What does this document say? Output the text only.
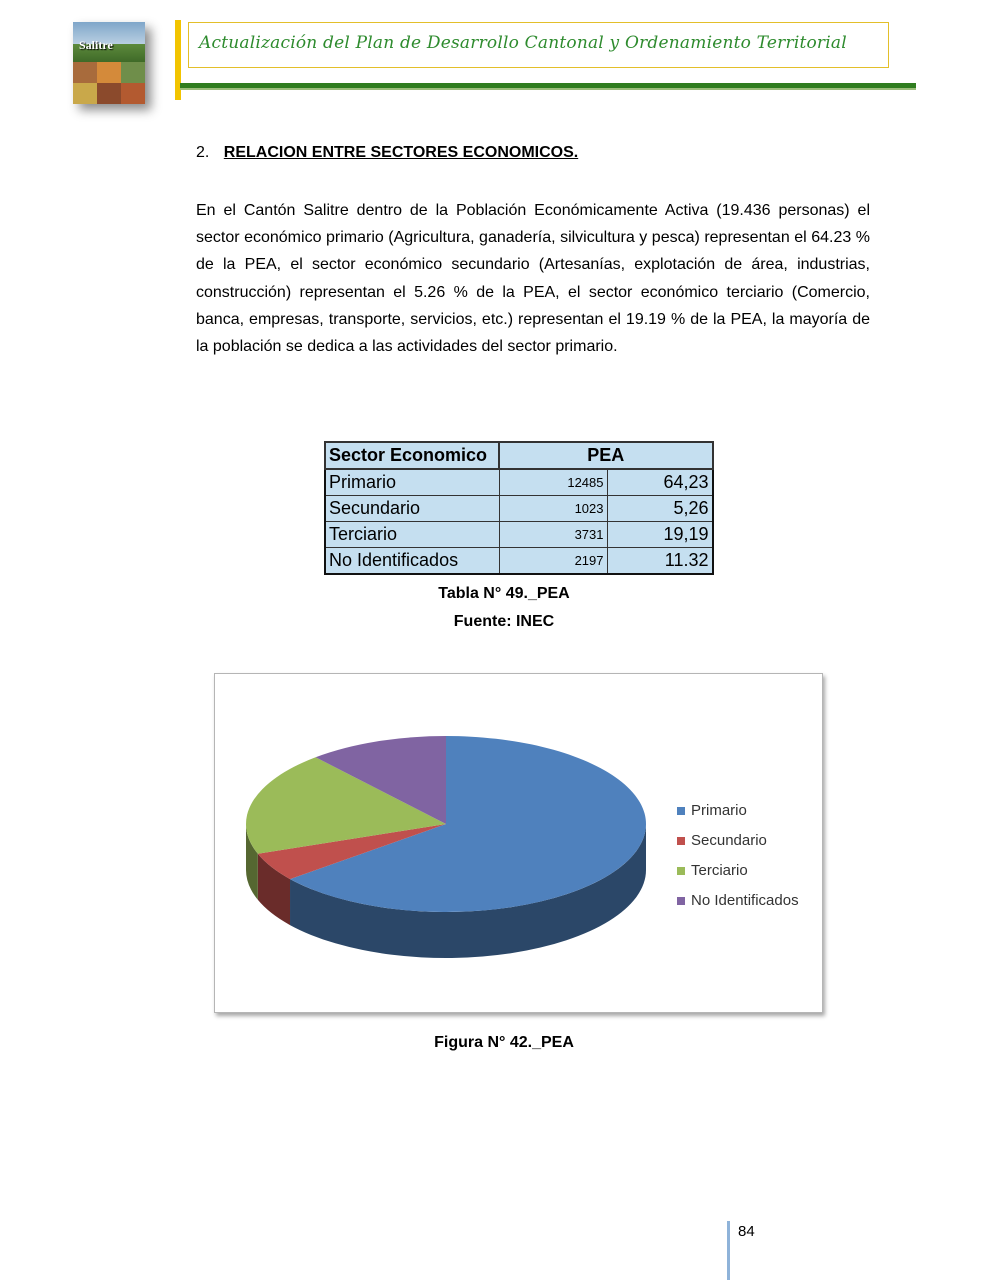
Salitre	Actualización del Plan de Desarrollo Cantonal y Ordenamiento Territorial
2. RELACION ENTRE SECTORES ECONOMICOS.
En el Cantón Salitre dentro de la Población Económicamente Activa (19.436 personas) el sector económico primario (Agricultura, ganadería, silvicultura y pesca) representan el 64.23 % de la PEA, el sector económico secundario (Artesanías, explotación de área, industrias, construcción) representan el 5.26 % de la PEA, el sector económico terciario (Comercio, banca, empresas, transporte, servicios, etc.) representan el 19.19 % de la PEA, la mayoría de la población se dedica a las actividades del sector primario.
Sector Economico	PEA	
Primario	12485	64,23
Secundario	1023	5,26
Terciario	3731	19,19
No Identificados	2197	11.32
Tabla N° 49._PEA
Fuente: INEC
Primario
Secundario
Terciario
No Identificados
Figura N° 42._PEA
84
